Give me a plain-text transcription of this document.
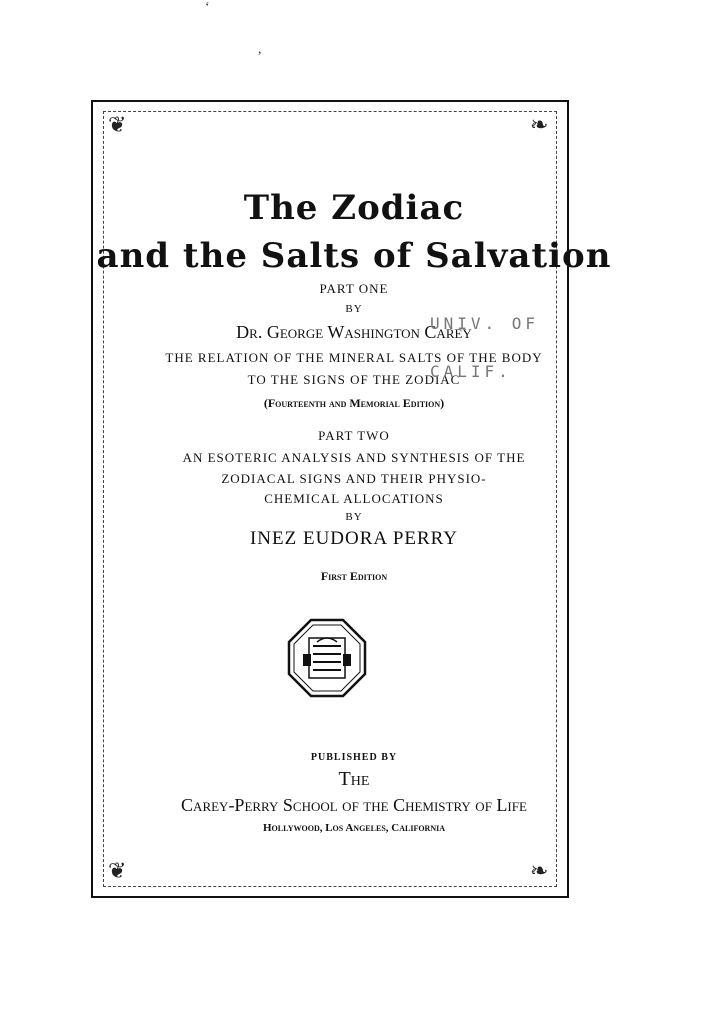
❦	❧
❦	❧
‘
,
The Zodiac
and the Salts of Salvation
PART ONE
BY
Dr. George Washington Carey
THE RELATION OF THE MINERAL SALTS OF THE BODY
TO THE SIGNS OF THE ZODIAC
(Fourteenth and Memorial Edition)
PART TWO
AN ESOTERIC ANALYSIS AND SYNTHESIS OF THE
ZODIACAL SIGNS AND THEIR PHYSIO-
CHEMICAL ALLOCATIONS
BY
INEZ EUDORA PERRY
First Edition
PUBLISHED BY
The
Carey-Perry School of the Chemistry of Life
Hollywood, Los Angeles, California
UNIV. OF
CALIF.
